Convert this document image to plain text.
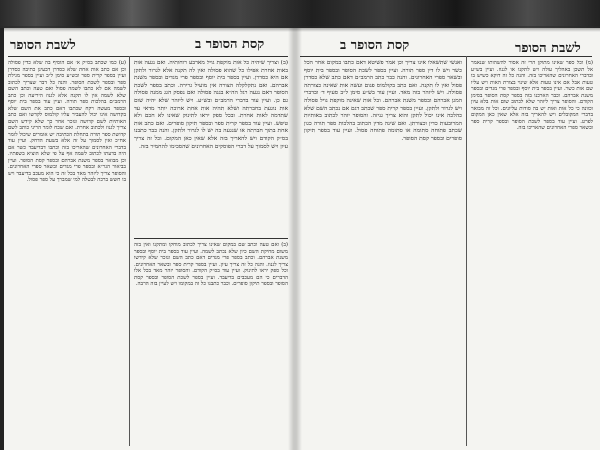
לשבת הסופר	קסת הסופר ב	קסת הסופר ב	לשבת הסופר

(ע) כמו שכתב בס״ק א׳ אם הוסיף בה שלא כדין פסולה וכן אם כתב אות אחת שלא כסדרן דבעינן כתיבה כסדרן ועיין בספר קרית ספר ובש״ע סימן ל״ב ועיין בספר מגילת ספר ובספר לשכת הסופר. והנה כל דבר שצריך לכתוב לשמה אם לא כתבו לשמה פסול ואם טעה וכתב השם שלא לשמה אין לו תקנה אלא לגנוז היריעה וכן כתב הרמב״ם בהלכות ספר תורה. ועיין עוד בספר בית יוסף ובספר מעשה רקח שכתבו דאם כתב את השם שלא בקדושה אינו יכול להעביר עליו קולמוס לקדשו ואם כתב האותיות לשם קדושה ונזכר אחר כך שלא קידש השם צריך לגנוז ולכתוב אחרת. ואם שכח לומר הריני כותב לשם קדושת ספר תורה בתחלת הכתיבה יש אומרים שיכול לומר אח״כ ואין לסמוך על זה אלא בשעת הדחק. ועיין עוד בדברי האחרונים שהאריכו בזה וכתבו דבדיעבד כשר אם היה בדעתו לכתוב לשמה אף על פי שלא הוציא בשפתיו. וכן מבואר בספר משנת אברהם ובספר קסת הסופר. ועיין בביאור הגר״א ובספר פרי מגדים ובשאר ספרי האחרונים. והסופר צריך ליזהר מאד בכל זה כי הוא מעכב בדיעבד ויש בו חשש ברכה לבטלה למי שמברך על ספר פסול.

(ב) וצריך שיהיה כל אות מוקפת גויל מארבע רוחותיה. ואם נגעה אות באות אחרת אפילו כל שהוא פסולה ואין לה תקנה אלא לגרור ולתקן אם היא כסדרן. ועיין בספר בית יוסף ובספר פרי מגדים ובספר משנת אברהם. ואם נתקלקלה הצורה אין מועיל גרירה. וכתב בספר לשכת הסופר דאם נגעה רגל הה״א בגגה פסולה ואם נפסק הגג ממנה פסולה גם כן. ועיין עוד בדברי הרמב״ם ובש״ע. ויש ליזהר שלא יהיה שום אות נוגעת בחברתה ושלא תהיה אות אחת ארוכה יותר מדאי עד שתדמה לאות אחרת. ובכל ספק יראו לתינוק שאינו לא חכם ולא טיפש. ועיין עוד בספר קרית ספר ובספר תיקון סופרים. ואם כתב אות אחת בתוך חברתה או שנגעה בה יש לו לגרור ולתקן. והנה כבר כתבנו בס״ק הקודם ויש להאריך בזה אלא שאין כאן המקום. וכל זה צריך עיון ויש לסמוך על דברי הפוסקים האחרונים שהסכימו להחמיר בזה.

(ב) ואם טעה וכתב שם במקום שאינו צריך לכתוב מוחקו ומתקנו ואין בזה משום מחיקת השם כיון שלא נכתב לשמה. ועיין עוד בספר בית יוסף ובספר משנת אברהם. וכתב בספר פרי מגדים דאם כתב השם ונזכר שלא קידשו צריך לגנוז. והנה כל זה צריך עיון. ועיין בספר קרית ספר ובשאר האחרונים. וכל ספק יראו לתינוק. ועיין עוד בס״ק הקודם. והסופר יזהר מאד בכל אלו הדברים כי הם מעכבים בדיעבד. ועיין בספר לשכת הסופר ובספר קסת הסופר ובספר תיקון סופרים. וכבר כתבנו כל זה במקומו ויש לעיין בזה הרבה.

ואנשי שתשאלו אינו צריך וכן אמר פשיטא דאם כתבו במקום אחר הכל כשר ויש לו דין ספר תורה. ועיין בספר לשכת הסופר ובספר בית יוסף ובשאר ספרי האחרונים. והנה כבר כתב הרמב״ם דאם כתב שלא כסדרן פסול ואין לו תקנה. ואם כתב בקולמוס פגום ועשה אות שאינה כצורתה פסולה. ויש ליזהר בזה מאד. ועיין עוד בש״ע סימן ל״ב סעיף ד׳ ובדברי המגן אברהם ובספר משנת אברהם. וכל אות שאינה מוקפת גויל פסולה ויש לגרור ולתקן. ועיין בספר קרית ספר שכתב דגם אם נכתב השם שלא כהלכה אינו יכול לתקן והוא צריך גניזה. והסופר יזהר לכתוב באותיות המרובעות כדין וכצורתן. ואם שינה מדין הכתוב בהלכות ספר תורה כגון שכתב פתוחה סתומה או סתומה פתוחה פסול. ועיין עוד בספר תיקון סופרים ובספר קסת הסופר.

(מ) וכל ספר שאינו מתוקן הרי זה אסור להשהותו שנאמר אל תשכן באהליך עולה ויש לתקנו או לגנוז. ועיין בש״ע ובדברי האחרונים שהאריכו בזה. והנה כל זה דוקא כשיש בו טעות אבל אם אינו טעות אלא שינוי בצורת האות ויש עליו שם אות כשר. ועיין בספר בית יוסף ובספר פרי מגדים ובספר משנת אברהם. וכבר הארכנו בזה בספר קסת הסופר בסימן הקודם. והסופר צריך ליזהר שלא לכתוב שום אות בלא עיון וכוונה כי כל אות ואות יש בה סודות עליונים. וכל זה מבואר בדברי המקובלים ויש להאריך בזה אלא שאין כאן המקום לפרט. ועיין עוד בספר לשכת הסופר ובספר קרית ספר ובשאר ספרי האחרונים שהאריכו בזה.
